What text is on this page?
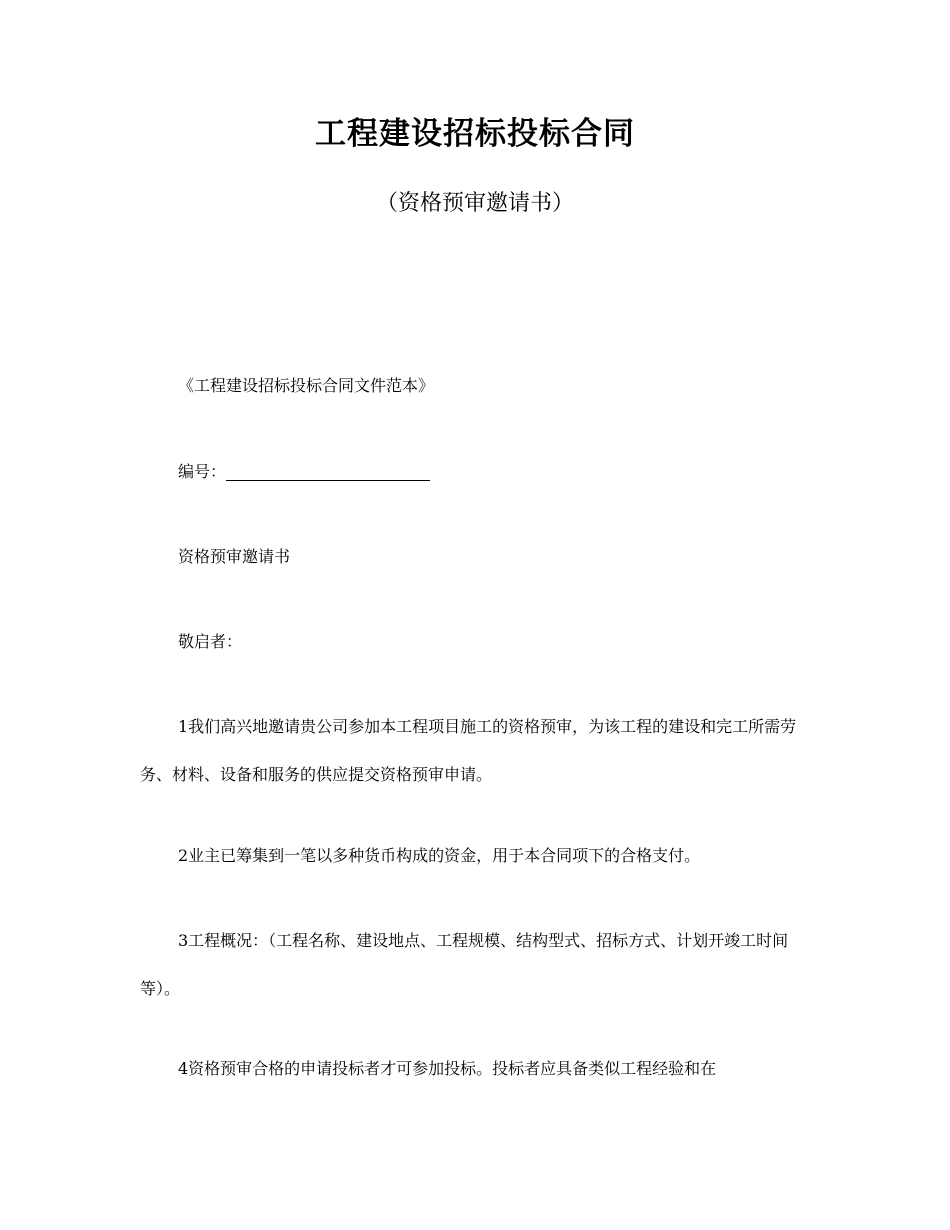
工程建设招标投标合同
（资格预审邀请书）
《工程建设招标投标合同文件范本》
编号：
资格预审邀请书
敬启者：
1我们高兴地邀请贵公司参加本工程项目施工的资格预审，为该工程的建设和完工所需劳务、材料、设备和服务的供应提交资格预审申请。
2业主已筹集到一笔以多种货币构成的资金，用于本合同项下的合格支付。
3工程概况：（工程名称、建设地点、工程规模、结构型式、招标方式、计划开竣工时间等）。
4资格预审合格的申请投标者才可参加投标。投标者应具备类似工程经验和在
